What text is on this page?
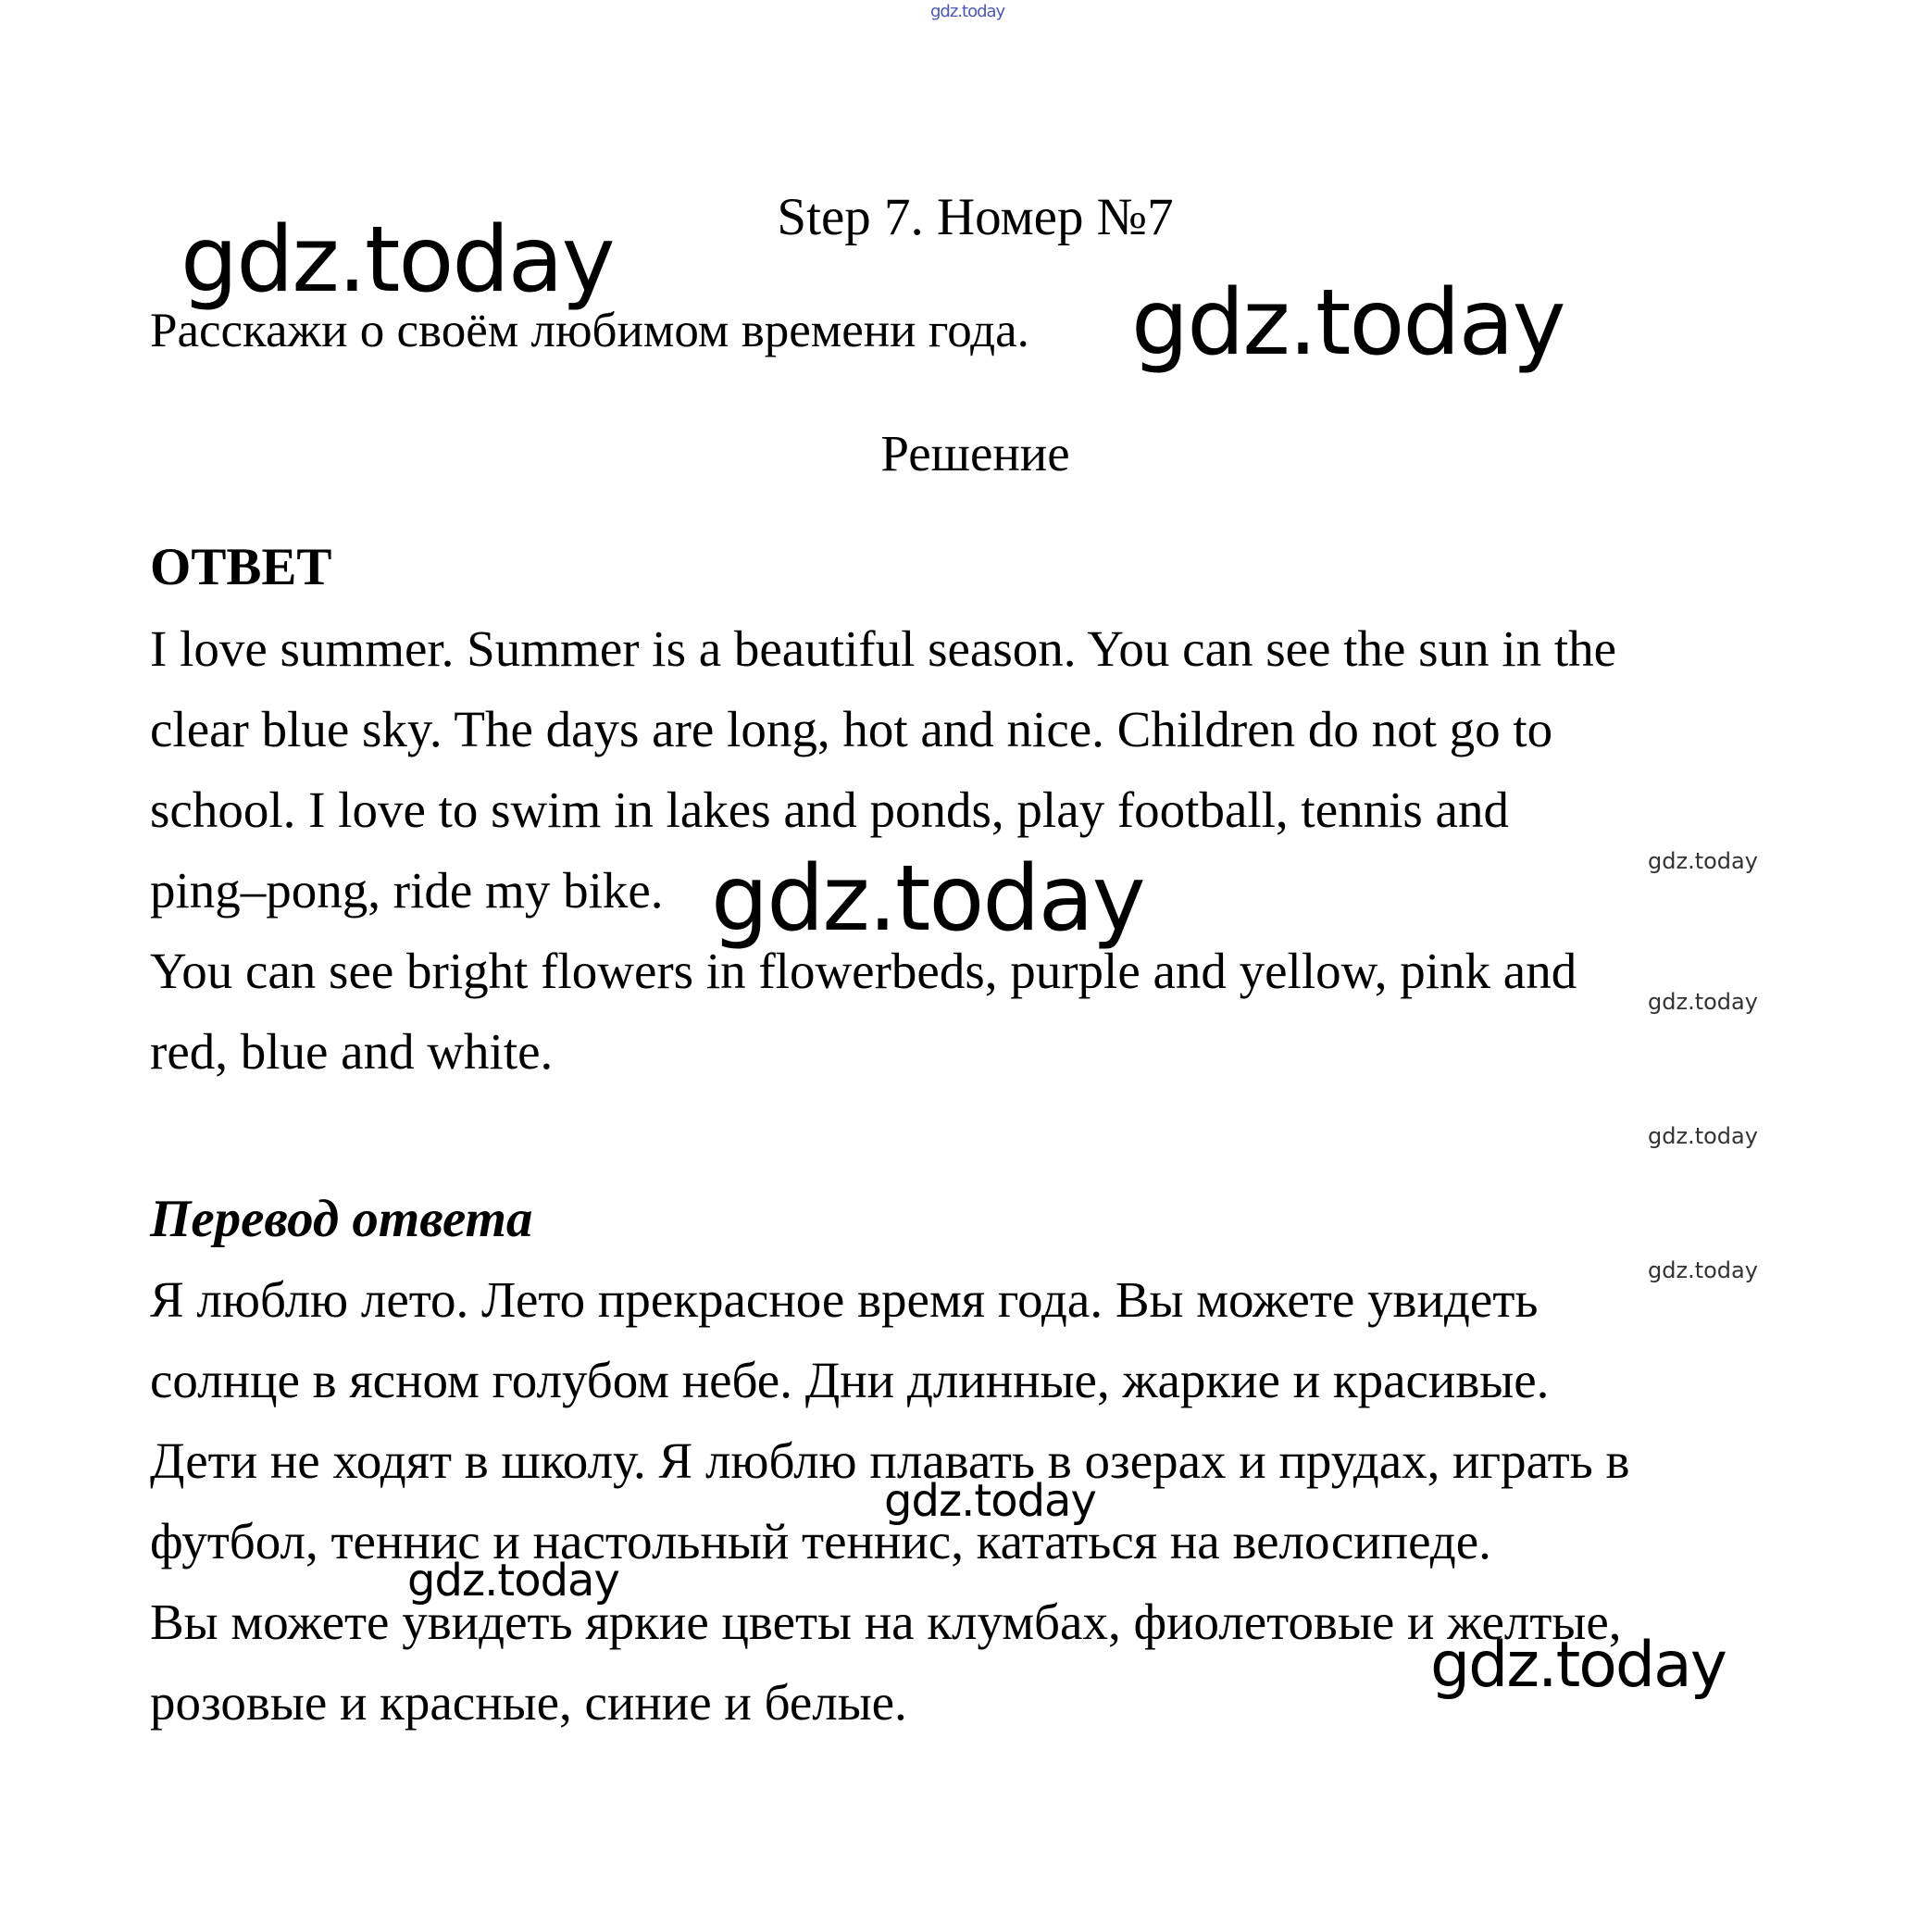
gdz.today
gdz.today
gdz.today
gdz.today
gdz.today
gdz.today
gdz.today
gdz.today
gdz.today
gdz.today
gdz.today
Step 7. Номер №7
Расскажи о своём любимом времени года.
Решение
ОТВЕТ

I love summer. Summer is a beautiful season. You can see the sun in the

clear blue sky. The days are long, hot and nice. Children do not go to

school. I love to swim in lakes and ponds, play football, tennis and

ping–pong, ride my bike.

You can see bright flowers in flowerbeds, purple and yellow, pink and

red, blue and white.

Перевод ответа

Я люблю лето. Лето прекрасное время года. Вы можете увидеть

солнце в ясном голубом небе. Дни длинные, жаркие и красивые.

Дети не ходят в школу. Я люблю плавать в озерах и прудах, играть в

футбол, теннис и настольный теннис, кататься на велосипеде.

Вы можете увидеть яркие цветы на клумбах, фиолетовые и желтые,

розовые и красные, синие и белые.
